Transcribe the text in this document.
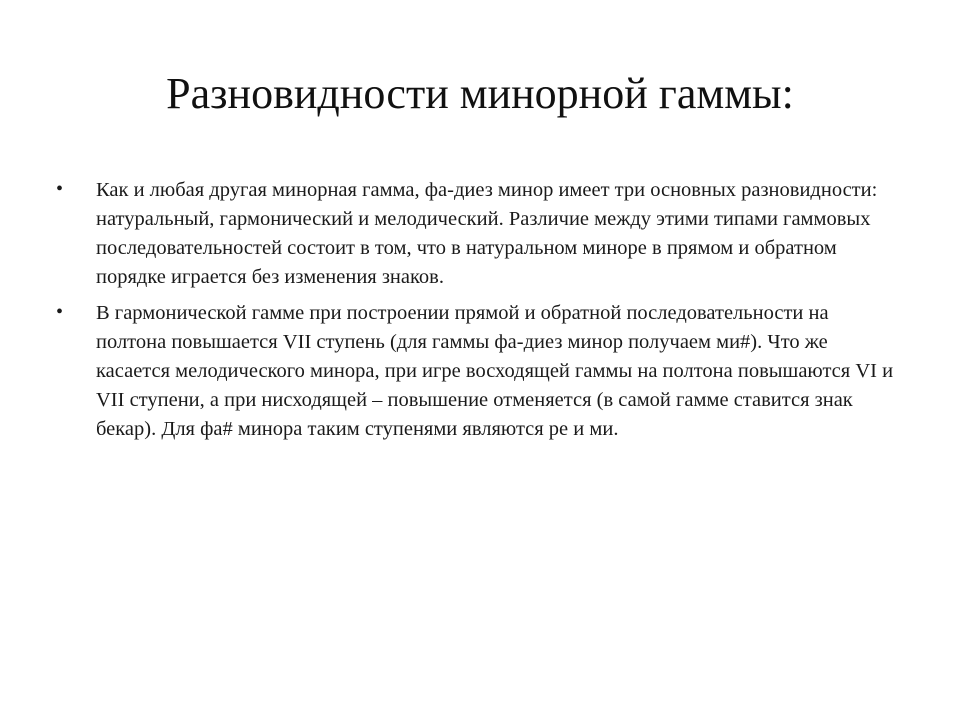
Разновидности минорной гаммы:
• Как и любая другая минорная гамма, фа-диез минор имеет три основных разновидности: натуральный, гармонический и мелодический. Различие между этими типами гаммовых последовательностей состоит в том, что в натуральном миноре в прямом и обратном порядке играется без изменения знаков.
• В гармонической гамме при построении прямой и обратной последовательности на полтона повышается VII ступень (для гаммы фа-диез минор получаем ми#). Что же касается мелодического минора, при игре восходящей гаммы на полтона повышаются VI и VII ступени, а при нисходящей – повышение отменяется (в самой гамме ставится знак бекар). Для фа# минора таким ступенями являются ре и ми.
